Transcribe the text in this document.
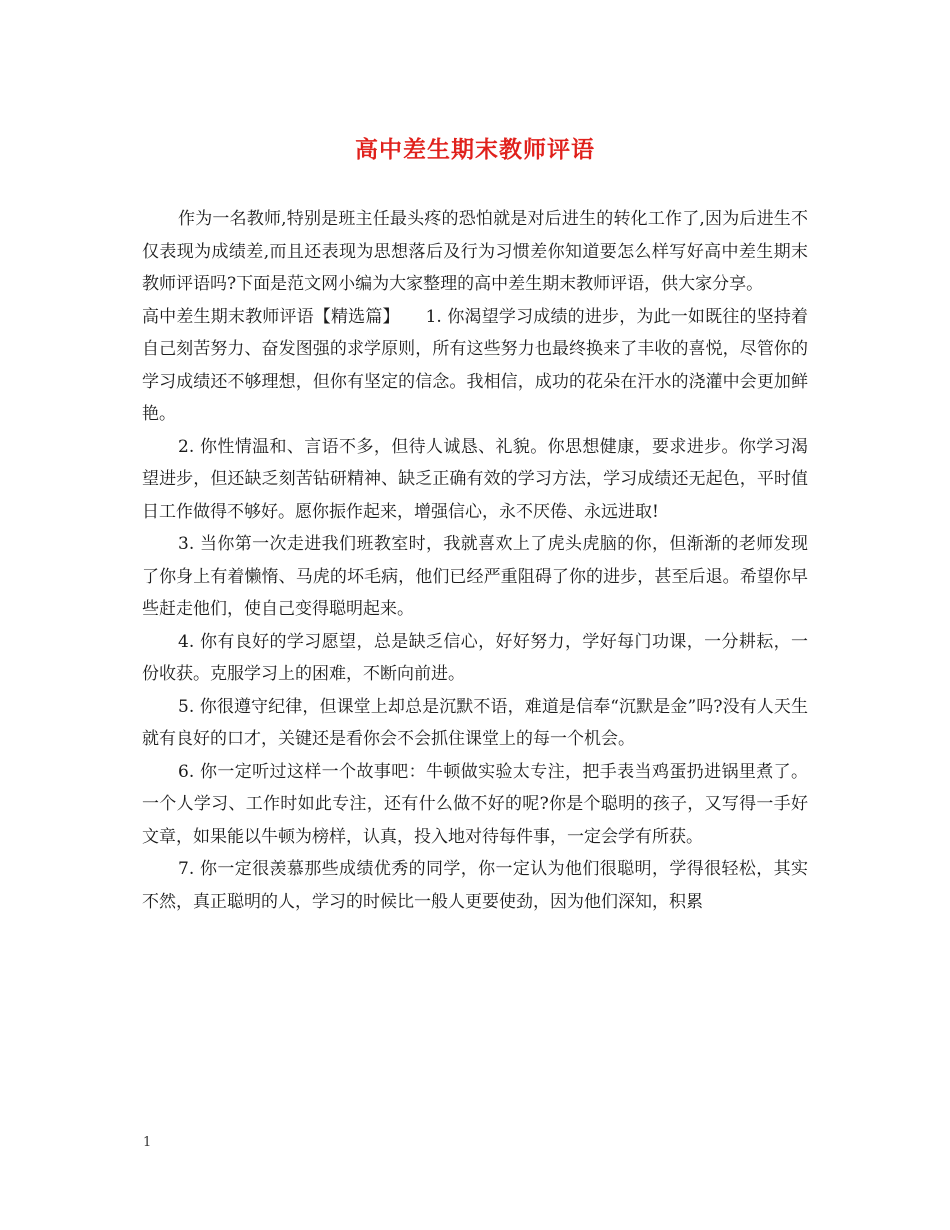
高中差生期末教师评语

作为一名教师,特别是班主任最头疼的恐怕就是对后进生的转化工作了,因为后进生不仅表现为成绩差,而且还表现为思想落后及行为习惯差你知道要怎么样写好高中差生期末教师评语吗?下面是范文网小编为大家整理的高中差生期末教师评语，供大家分享。

高中差生期末教师评语【精选篇】　　1. 你渴望学习成绩的进步，为此一如既往的坚持着自己刻苦努力、奋发图强的求学原则，所有这些努力也最终换来了丰收的喜悦，尽管你的学习成绩还不够理想，但你有坚定的信念。我相信，成功的花朵在汗水的浇灌中会更加鲜艳。

2. 你性情温和、言语不多，但待人诚恳、礼貌。你思想健康，要求进步。你学习渴望进步，但还缺乏刻苦钻研精神、缺乏正确有效的学习方法，学习成绩还无起色，平时值日工作做得不够好。愿你振作起来，增强信心，永不厌倦、永远进取!

3. 当你第一次走进我们班教室时，我就喜欢上了虎头虎脑的你，但渐渐的老师发现了你身上有着懒惰、马虎的坏毛病，他们已经严重阻碍了你的进步，甚至后退。希望你早些赶走他们，使自己变得聪明起来。

4. 你有良好的学习愿望，总是缺乏信心，好好努力，学好每门功课，一分耕耘，一份收获。克服学习上的困难，不断向前进。

5. 你很遵守纪律，但课堂上却总是沉默不语，难道是信奉“沉默是金”吗?没有人天生就有良好的口才，关键还是看你会不会抓住课堂上的每一个机会。

6. 你一定听过这样一个故事吧：牛顿做实验太专注，把手表当鸡蛋扔进锅里煮了。一个人学习、工作时如此专注，还有什么做不好的呢?你是个聪明的孩子，又写得一手好文章，如果能以牛顿为榜样，认真，投入地对待每件事，一定会学有所获。

7. 你一定很羡慕那些成绩优秀的同学，你一定认为他们很聪明，学得很轻松，其实不然，真正聪明的人，学习的时候比一般人更要使劲，因为他们深知，积累

1
